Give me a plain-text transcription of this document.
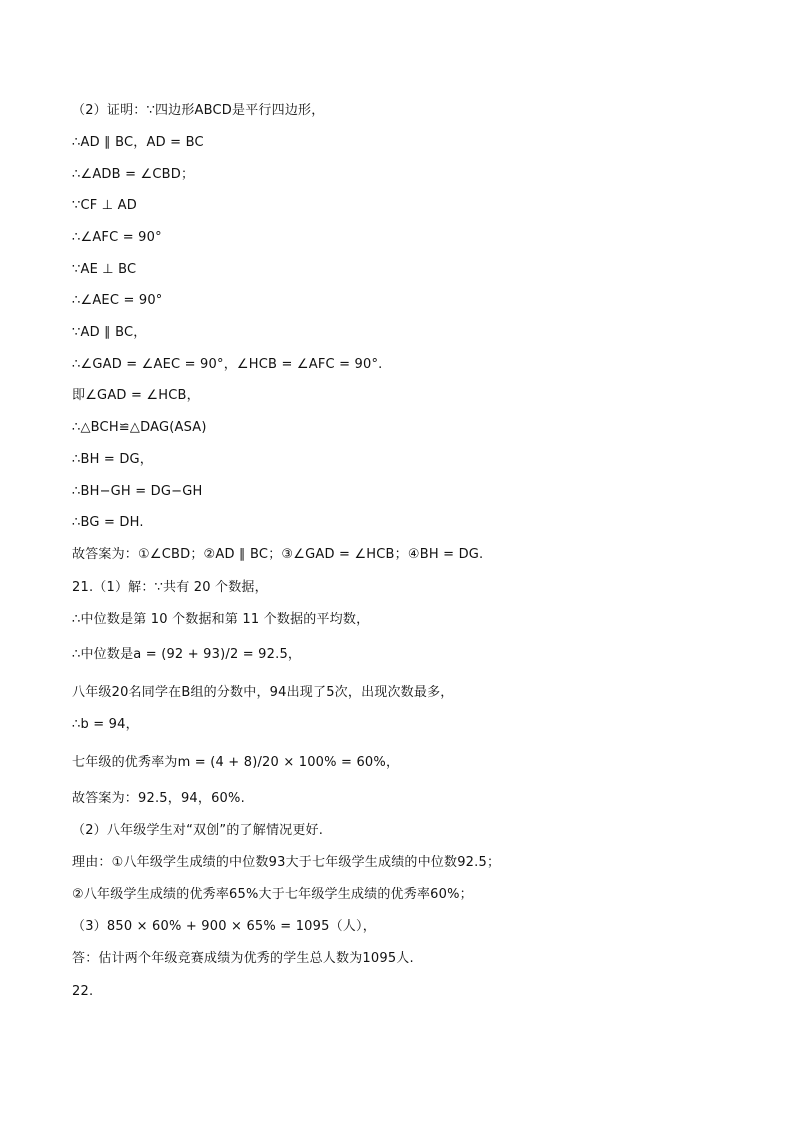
（2）证明：∵四边形ABCD是平行四边形，
∴AD ∥ BC，AD = BC
∴∠ADB = ∠CBD；
∵CF ⊥ AD
∴∠AFC = 90°
∵AE ⊥ BC
∴∠AEC = 90°
∵AD ∥ BC，
∴∠GAD = ∠AEC = 90°，∠HCB = ∠AFC = 90°.
即∠GAD = ∠HCB，
∴△BCH≌△DAG(ASA)
∴BH = DG，
∴BH−GH = DG−GH
∴BG = DH.
故答案为：①∠CBD；②AD ∥ BC；③∠GAD = ∠HCB；④BH = DG.
21.（1）解：∵共有 20 个数据，
∴中位数是第 10 个数据和第 11 个数据的平均数，
∴中位数是a = (92 + 93)/2 = 92.5，
八年级20名同学在B组的分数中，94出现了5次，出现次数最多，
∴b = 94，
七年级的优秀率为m = (4 + 8)/20 × 100% = 60%，
故答案为：92.5，94，60%.
（2）八年级学生对“双创”的了解情况更好.
理由：①八年级学生成绩的中位数93大于七年级学生成绩的中位数92.5；
②八年级学生成绩的优秀率65%大于七年级学生成绩的优秀率60%；
（3）850 × 60% + 900 × 65% = 1095（人），
答：估计两个年级竞赛成绩为优秀的学生总人数为1095人.
22.
